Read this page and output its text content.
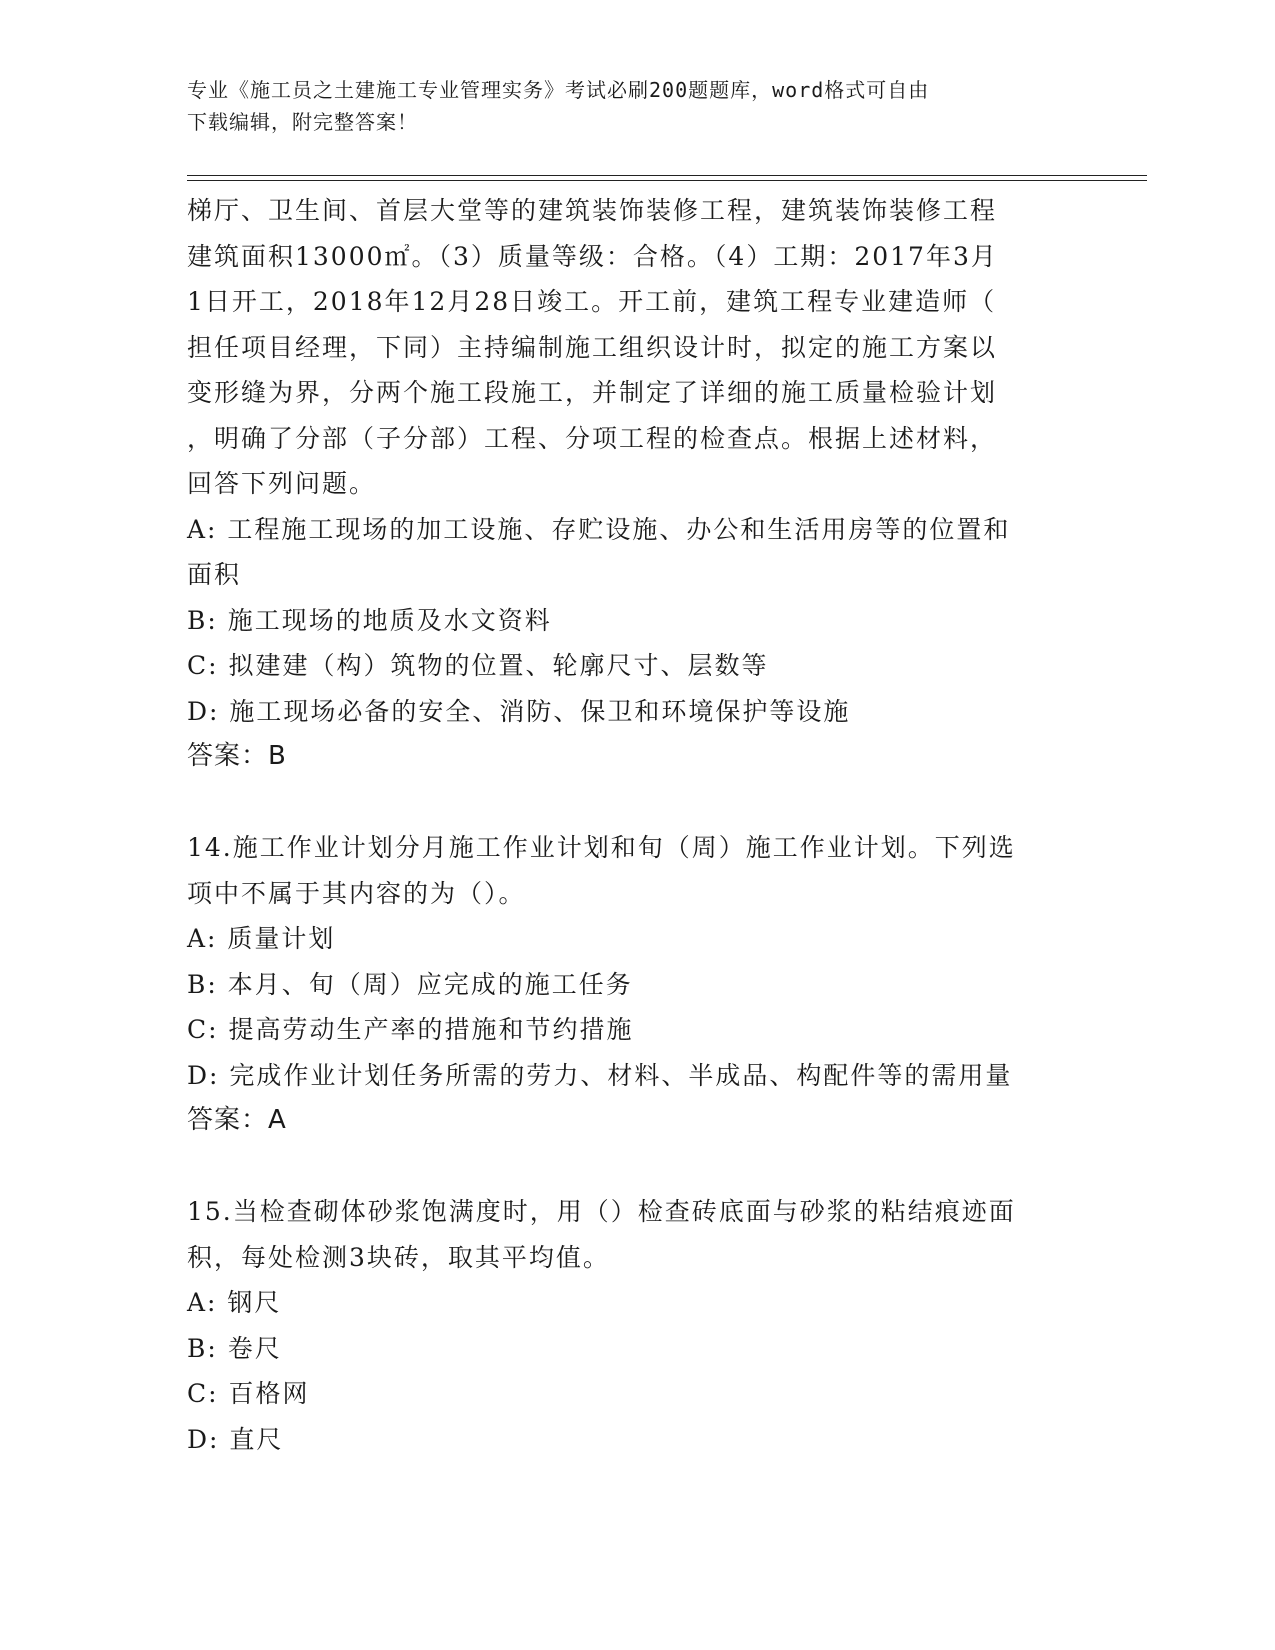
专业《施工员之土建施工专业管理实务》考试必刷200题题库，word格式可自由
下载编辑，附完整答案！
梯厅、卫生间、首层大堂等的建筑装饰装修工程，建筑装饰装修工程
建筑面积13000㎡。（3）质量等级：合格。（4）工期：2017年3月
1日开工，2018年12月28日竣工。开工前，建筑工程专业建造师（
担任项目经理，下同）主持编制施工组织设计时，拟定的施工方案以
变形缝为界，分两个施工段施工，并制定了详细的施工质量检验计划
，明确了分部（子分部）工程、分项工程的检查点。根据上述材料，
回答下列问题。
A: 工程施工现场的加工设施、存贮设施、办公和生活用房等的位置和
面积
B: 施工现场的地质及水文资料
C: 拟建建（构）筑物的位置、轮廓尺寸、层数等
D: 施工现场必备的安全、消防、保卫和环境保护等设施
答案：B
14.施工作业计划分月施工作业计划和旬（周）施工作业计划。下列选
项中不属于其内容的为（）。
A: 质量计划
B: 本月、旬（周）应完成的施工任务
C: 提高劳动生产率的措施和节约措施
D: 完成作业计划任务所需的劳力、材料、半成品、构配件等的需用量
答案：A
15.当检查砌体砂浆饱满度时，用（）检查砖底面与砂浆的粘结痕迹面
积，每处检测3块砖，取其平均值。
A: 钢尺
B: 卷尺
C: 百格网
D: 直尺
